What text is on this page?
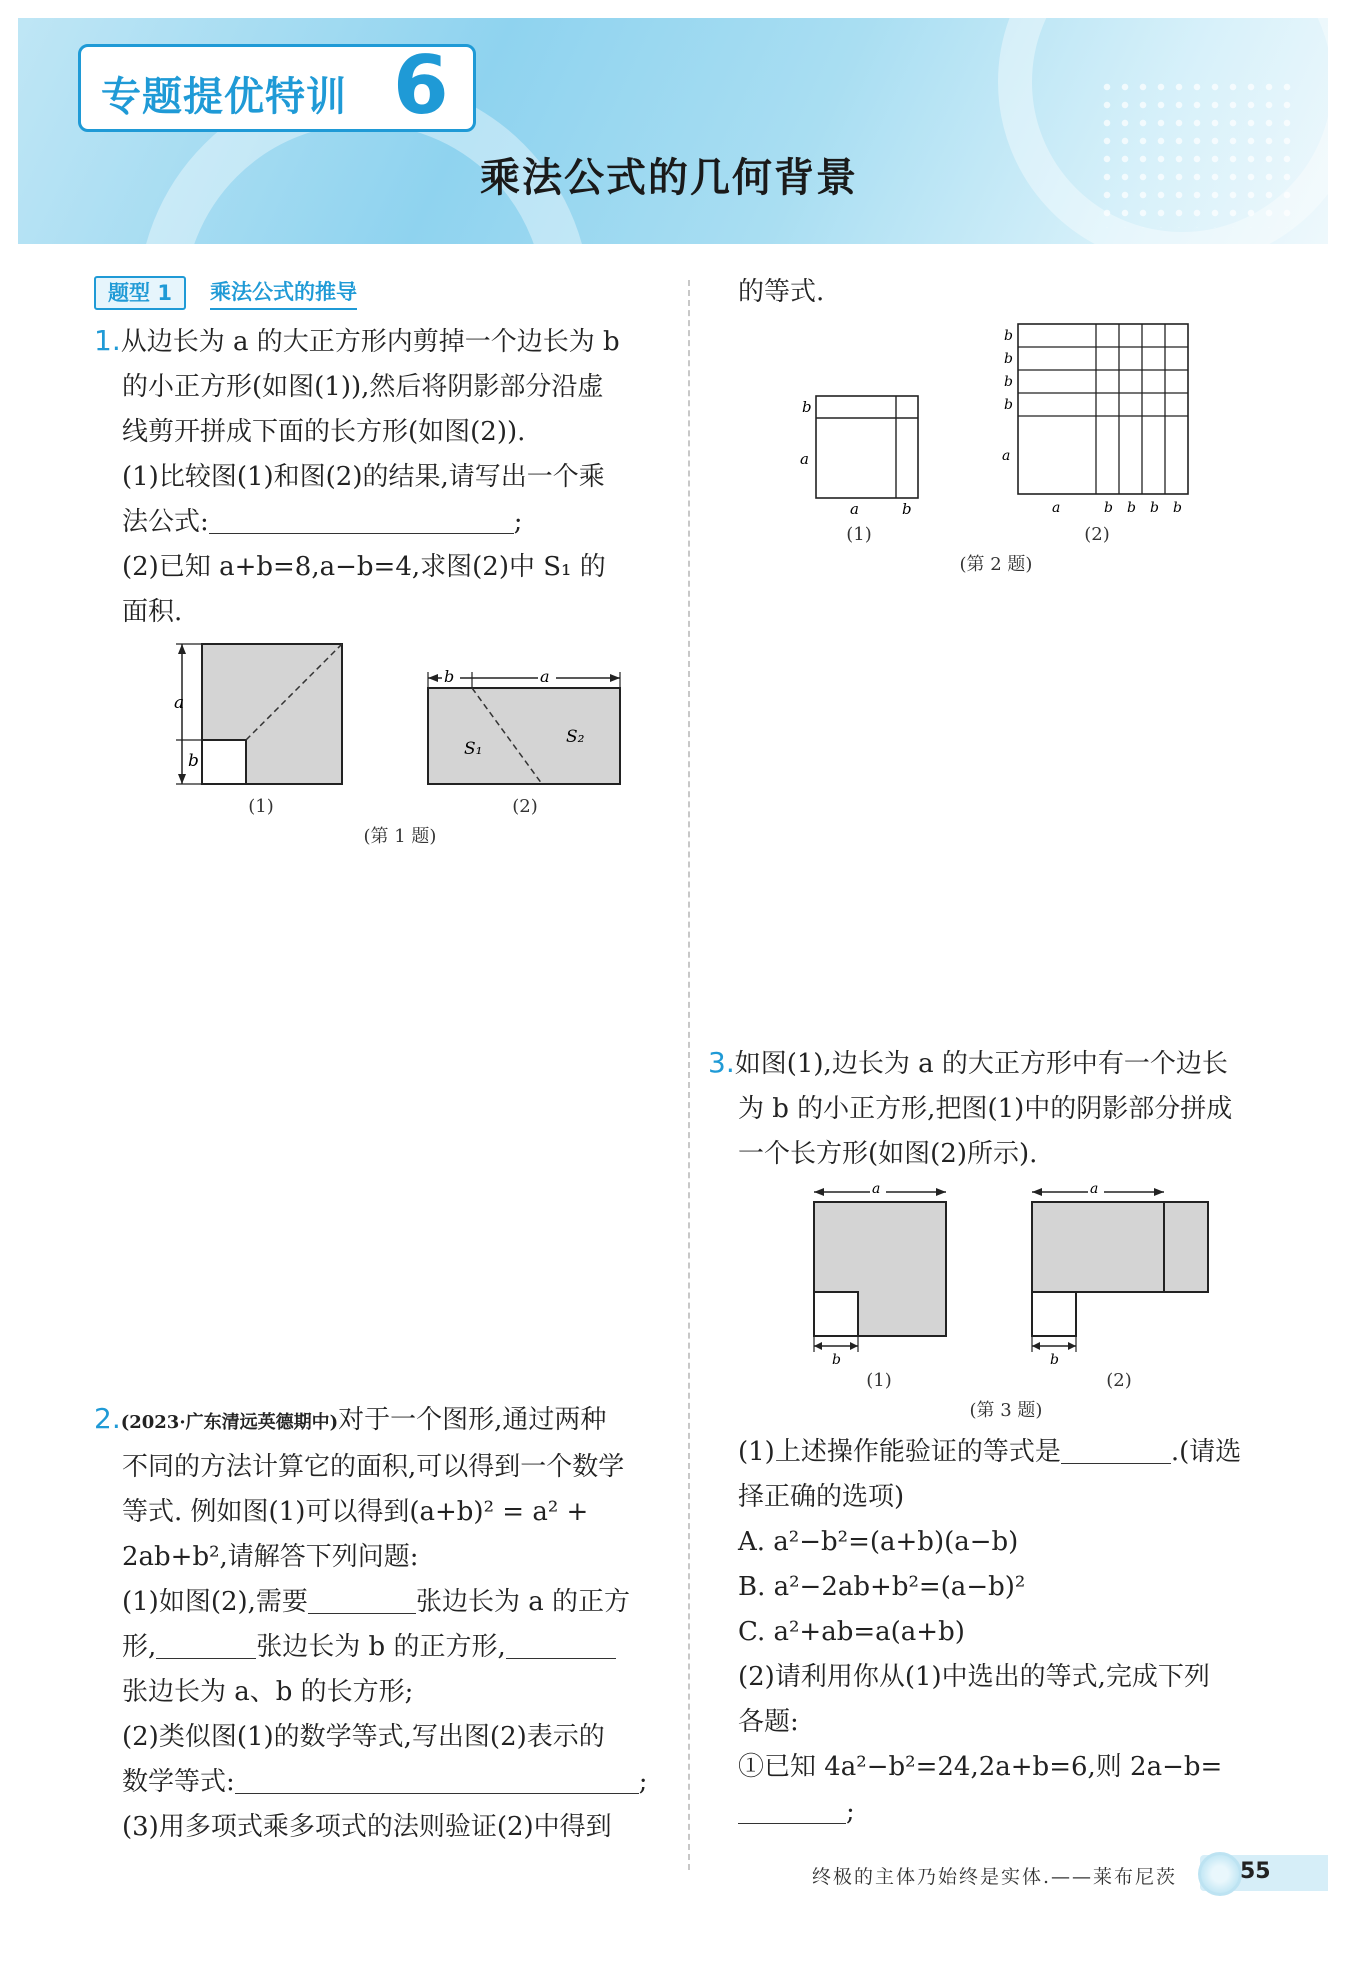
专题提优特训 6
乘法公式的几何背景
题型 1	乘法公式的推导
1.从边长为 a 的大正方形内剪掉一个边长为 b
的小正方形(如图(1)),然后将阴影部分沿虚
线剪开拼成下面的长方形(如图(2)).
(1)比较图(1)和图(2)的结果,请写出一个乘
法公式:	;
(2)已知 a+b=8,a−b=4,求图(2)中 S₁ 的
面积.
a
b
(1)
b	a
S₁
S₂
(2)
(第 1 题)
2.(2023·广东清远英德期中)对于一个图形,通过两种
不同的方法计算它的面积,可以得到一个数学
等式. 例如图(1)可以得到(a+b)² = a² +
2ab+b²,请解答下列问题:
(1)如图(2),需要	张边长为 a 的正方
形,	张边长为 b 的正方形,
张边长为 a、b 的长方形;
(2)类似图(1)的数学等式,写出图(2)表示的
数学等式:	;
(3)用多项式乘多项式的法则验证(2)中得到
的等式.
b
a
a	b
(1)
b
b
b
b
a
a	b b b b
(2)
(第 2 题)
3.如图(1),边长为 a 的大正方形中有一个边长
为 b 的小正方形,把图(1)中的阴影部分拼成
一个长方形(如图(2)所示).
a
b
(1)
a
b
(2)
(第 3 题)
(1)上述操作能验证的等式是	.(请选
择正确的选项)
A. a²−b²=(a+b)(a−b)
B. a²−2ab+b²=(a−b)²
C. a²+ab=a(a+b)
(2)请利用你从(1)中选出的等式,完成下列
各题:
①已知 4a²−b²=24,2a+b=6,则 2a−b=
;
终极的主体乃始终是实体.——莱布尼茨	55
